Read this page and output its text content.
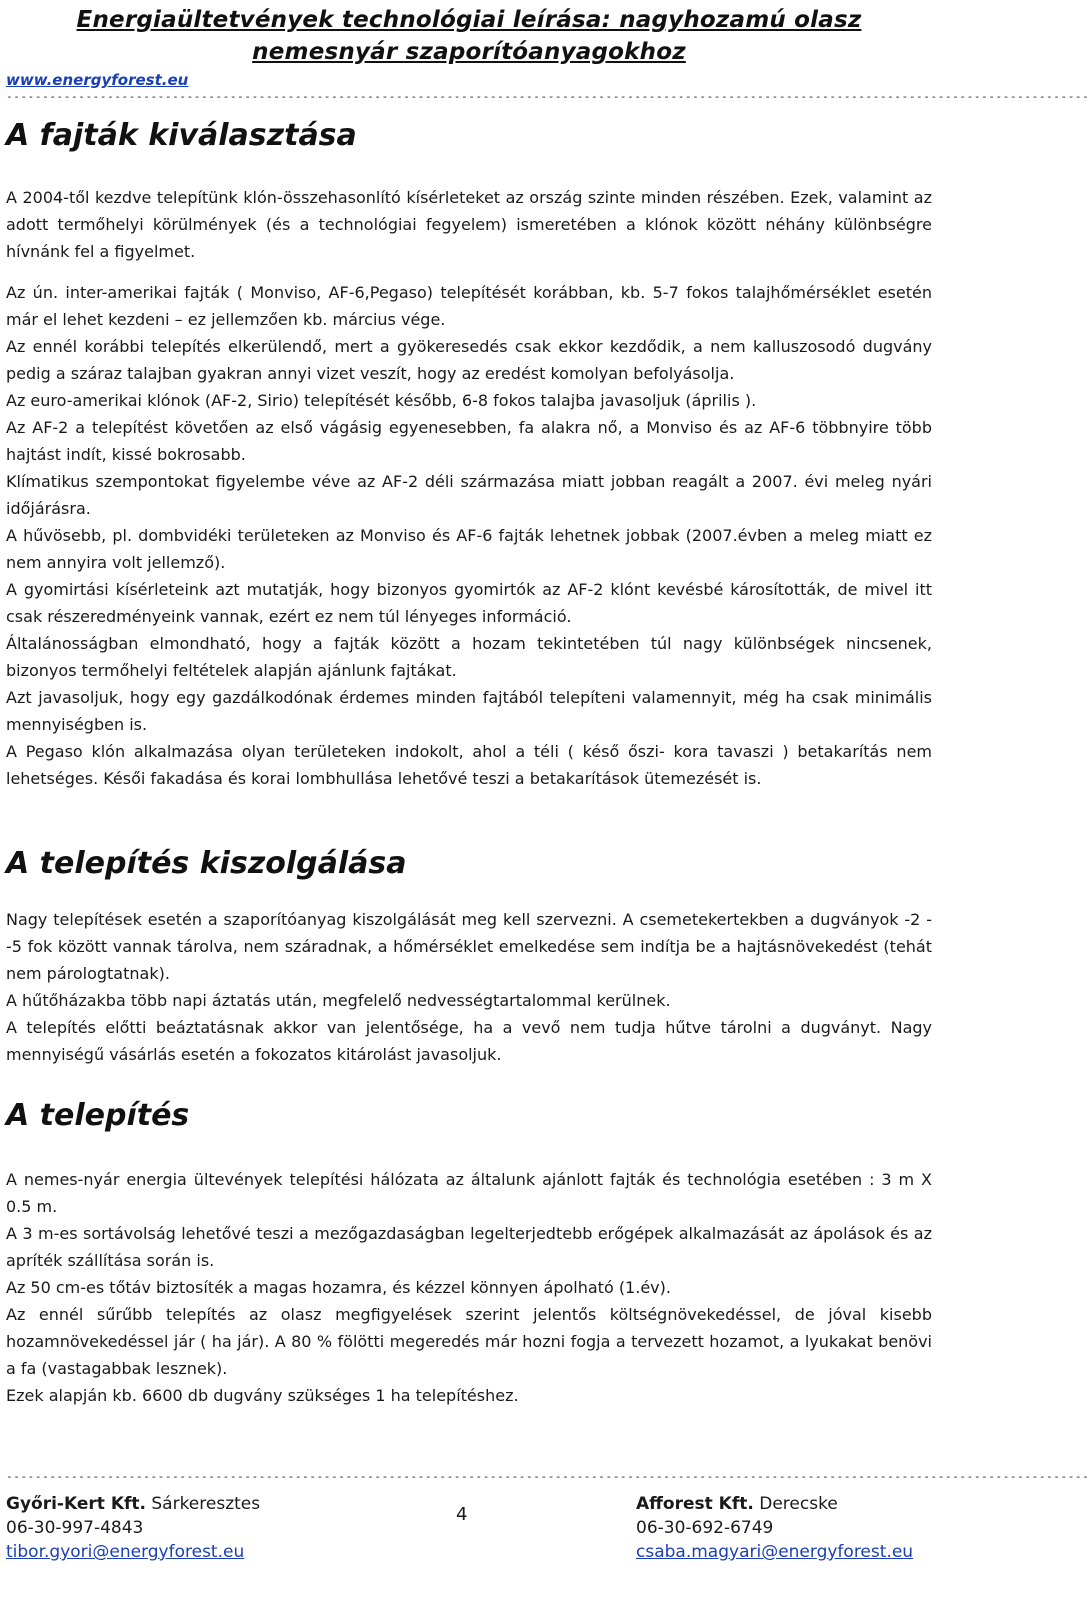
Energiaültetvények technológiai leírása: nagyhozamú olasz nemesnyár szaporítóanyagokhoz
www.energyforest.eu
------------------------------------------------------------------------------------------------------------------------------------------------------
A fajták kiválasztása

A 2004-től kezdve telepítünk klón-összehasonlító kísérleteket az ország szinte minden részében. Ezek, valamint az adott termőhelyi körülmények (és a technológiai fegyelem) ismeretében a klónok között néhány különbségre hívnánk fel a figyelmet.

Az ún. inter-amerikai fajták ( Monviso, AF-6,Pegaso) telepítését korábban, kb. 5-7 fokos talajhőmérséklet esetén már el lehet kezdeni – ez jellemzően kb. március vége.

Az ennél korábbi telepítés elkerülendő, mert a gyökeresedés csak ekkor kezdődik, a nem kalluszosodó dugvány pedig a száraz talajban gyakran annyi vizet veszít, hogy az eredést komolyan befolyásolja.

Az euro-amerikai klónok (AF-2, Sirio) telepítését később, 6-8 fokos talajba javasoljuk (április ).

Az AF-2 a telepítést követően az első vágásig egyenesebben, fa alakra nő, a Monviso és az AF-6 többnyire több hajtást indít, kissé bokrosabb.

Klímatikus szempontokat figyelembe véve az AF-2 déli származása miatt jobban reagált a 2007. évi meleg nyári időjárásra.

A hűvösebb, pl. dombvidéki területeken az Monviso és AF-6 fajták lehetnek jobbak (2007.évben a meleg miatt ez nem annyira volt jellemző).

A gyomirtási kísérleteink azt mutatják, hogy bizonyos gyomirtók az AF-2 klónt kevésbé károsították, de mivel itt csak részeredményeink vannak, ezért ez nem túl lényeges információ.

Általánosságban elmondható, hogy a fajták között a hozam tekintetében túl nagy különbségek nincsenek, bizonyos termőhelyi feltételek alapján ajánlunk fajtákat.

Azt javasoljuk, hogy egy gazdálkodónak érdemes minden fajtából telepíteni valamennyit, még ha csak minimális mennyiségben is.

A Pegaso klón alkalmazása olyan területeken indokolt, ahol a téli ( késő őszi- kora tavaszi ) betakarítás nem lehetséges. Késői fakadása és korai lombhullása lehetővé teszi a betakarítások ütemezését is.

A telepítés kiszolgálása

Nagy telepítések esetén a szaporítóanyag kiszolgálását meg kell szervezni. A csemetekertekben a dugványok -2 - -5 fok között vannak tárolva, nem száradnak, a hőmérséklet emelkedése sem indítja be a hajtásnövekedést (tehát nem párologtatnak).

A hűtőházakba több napi áztatás után, megfelelő nedvességtartalommal kerülnek.

A telepítés előtti beáztatásnak akkor van jelentősége, ha a vevő nem tudja hűtve tárolni a dugványt. Nagy mennyiségű vásárlás esetén a fokozatos kitárolást javasoljuk.

A telepítés

A nemes-nyár energia ültevények telepítési hálózata az általunk ajánlott fajták és technológia esetében : 3 m X 0.5 m.

A 3 m-es sortávolság lehetővé teszi a mezőgazdaságban legelterjedtebb erőgépek alkalmazását az ápolások és az apríték szállítása során is.

Az 50 cm-es tőtáv biztosíték a magas hozamra, és kézzel könnyen ápolható (1.év).

Az ennél sűrűbb telepítés az olasz megfigyelések szerint jelentős költségnövekedéssel, de jóval kisebb hozamnövekedéssel jár ( ha jár). A 80 % fölötti megeredés már hozni fogja a tervezett hozamot, a lyukakat benövi a fa (vastagabbak lesznek).

Ezek alapján kb. 6600 db dugvány szükséges 1 ha telepítéshez.

------------------------------------------------------------------------------------------------------------------------------------------------------
Győri-Kert Kft. Sárkeresztes
06-30-997-4843
tibor.gyori@energyforest.eu
4	Afforest Kft. Derecske
06-30-692-6749
csaba.magyari@energyforest.eu
